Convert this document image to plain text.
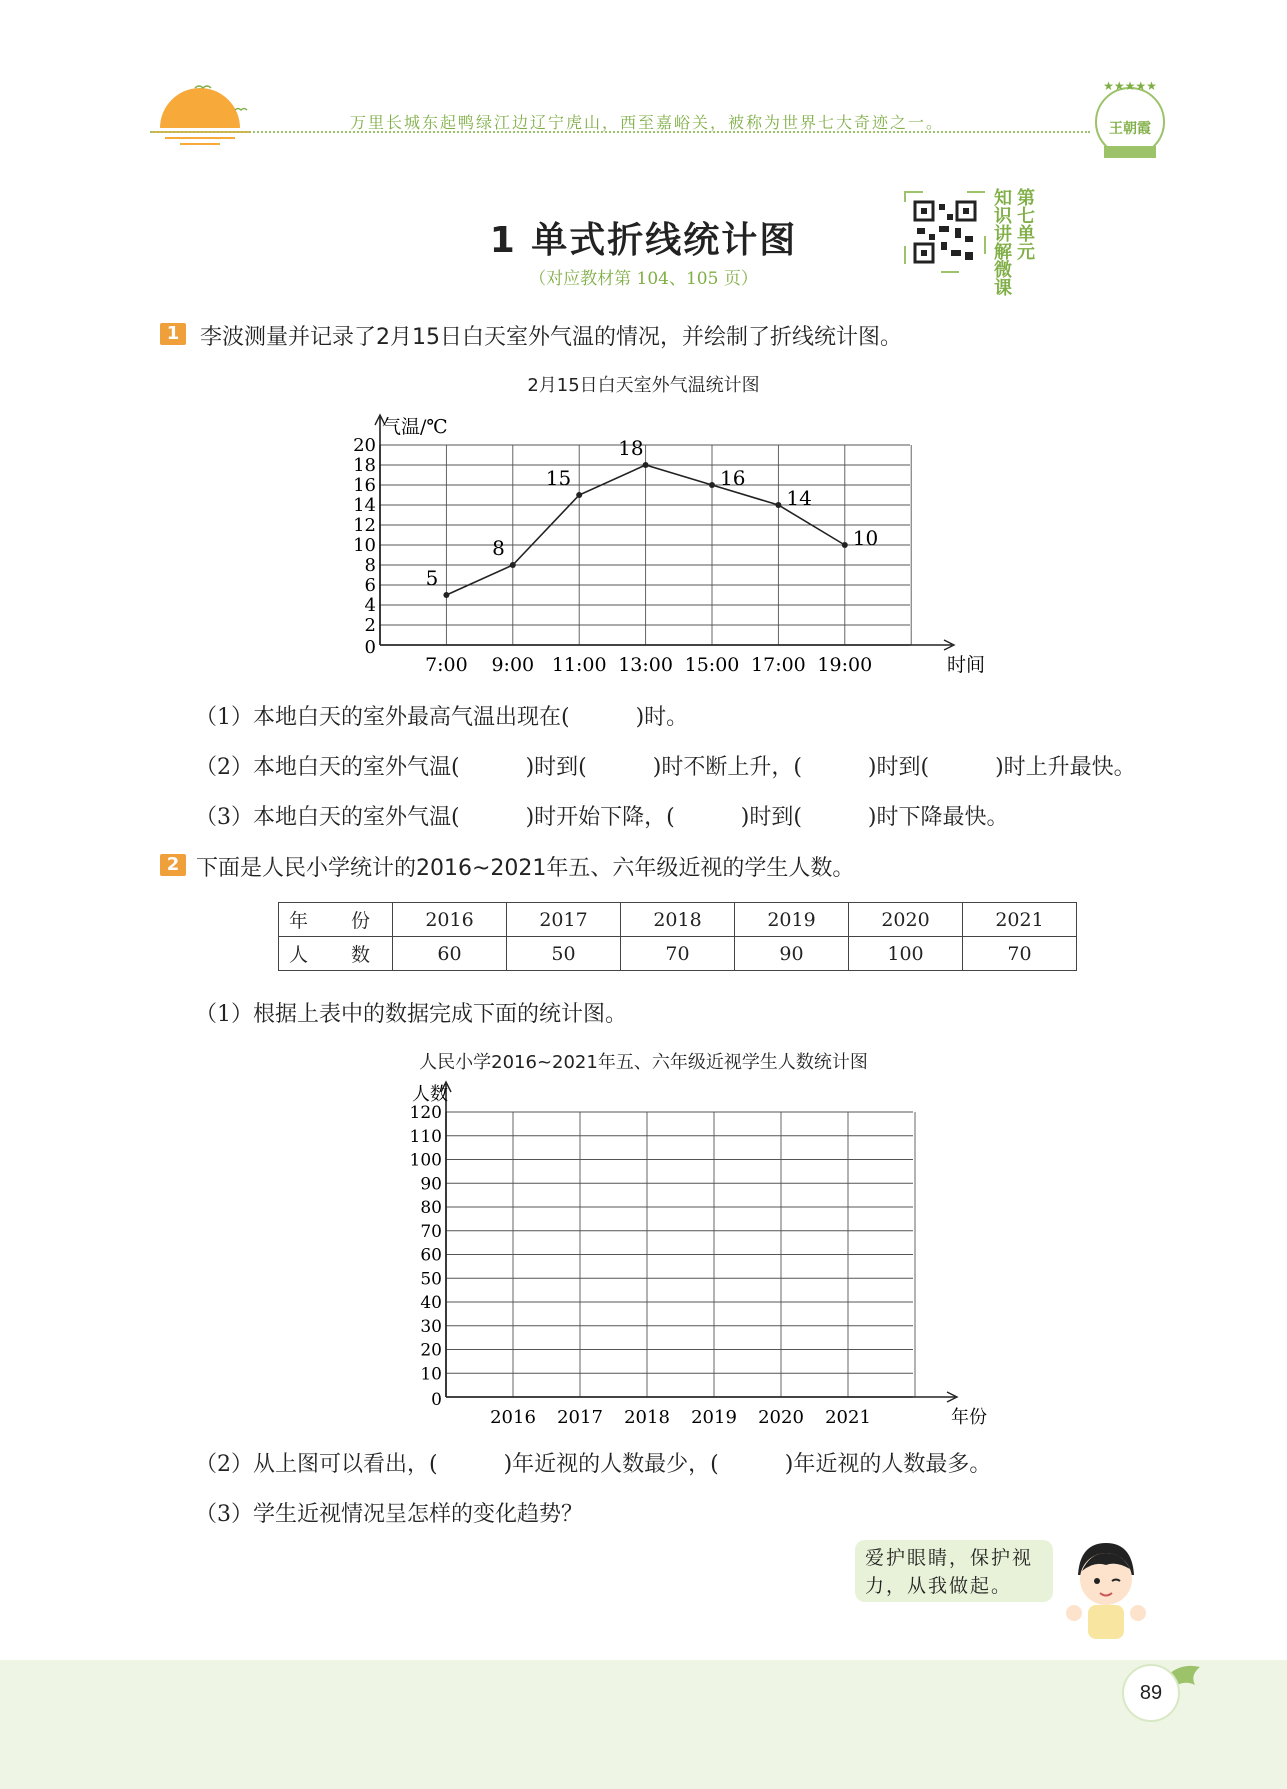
万里长城东起鸭绿江边辽宁虎山，西至嘉峪关，被称为世界七大奇迹之一。
★★★★★
王朝霞
1 单式折线统计图
（对应教材第 104、105 页）
知识讲解微课
第七单元
1 李波测量并记录了2月15日白天室外气温的情况，并绘制了折线统计图。
2月15日白天室外气温统计图
0
2
4
6
8
10
12
14
16
18
20
7:00 9:00 11:00 13:00 15:00 17:00 19:00
气温/℃
时间
5
8
15
18
16
14
10
（1）本地白天的室外最高气温出现在(　　　)时。
（2）本地白天的室外气温(　　　)时到(　　　)时不断上升，(　　　)时到(　　　)时上升最快。
（3）本地白天的室外气温(　　　)时开始下降，(　　　)时到(　　　)时下降最快。
2 下面是人民小学统计的2016~2021年五、六年级近视的学生人数。
年　份	2016	2017	2018	2019	2020	2021
人　数	60	50	70	90	100	70
（1）根据上表中的数据完成下面的统计图。
人民小学2016~2021年五、六年级近视学生人数统计图
0
10
20
30
40
50
60
70
80
90
100
110
120
2016 2017 2018 2019 2020 2021
人数
年份
（2）从上图可以看出，(　　　)年近视的人数最少，(　　　)年近视的人数最多。
（3）学生近视情况呈怎样的变化趋势？
爱护眼睛，保护视
力，从我做起。
89
